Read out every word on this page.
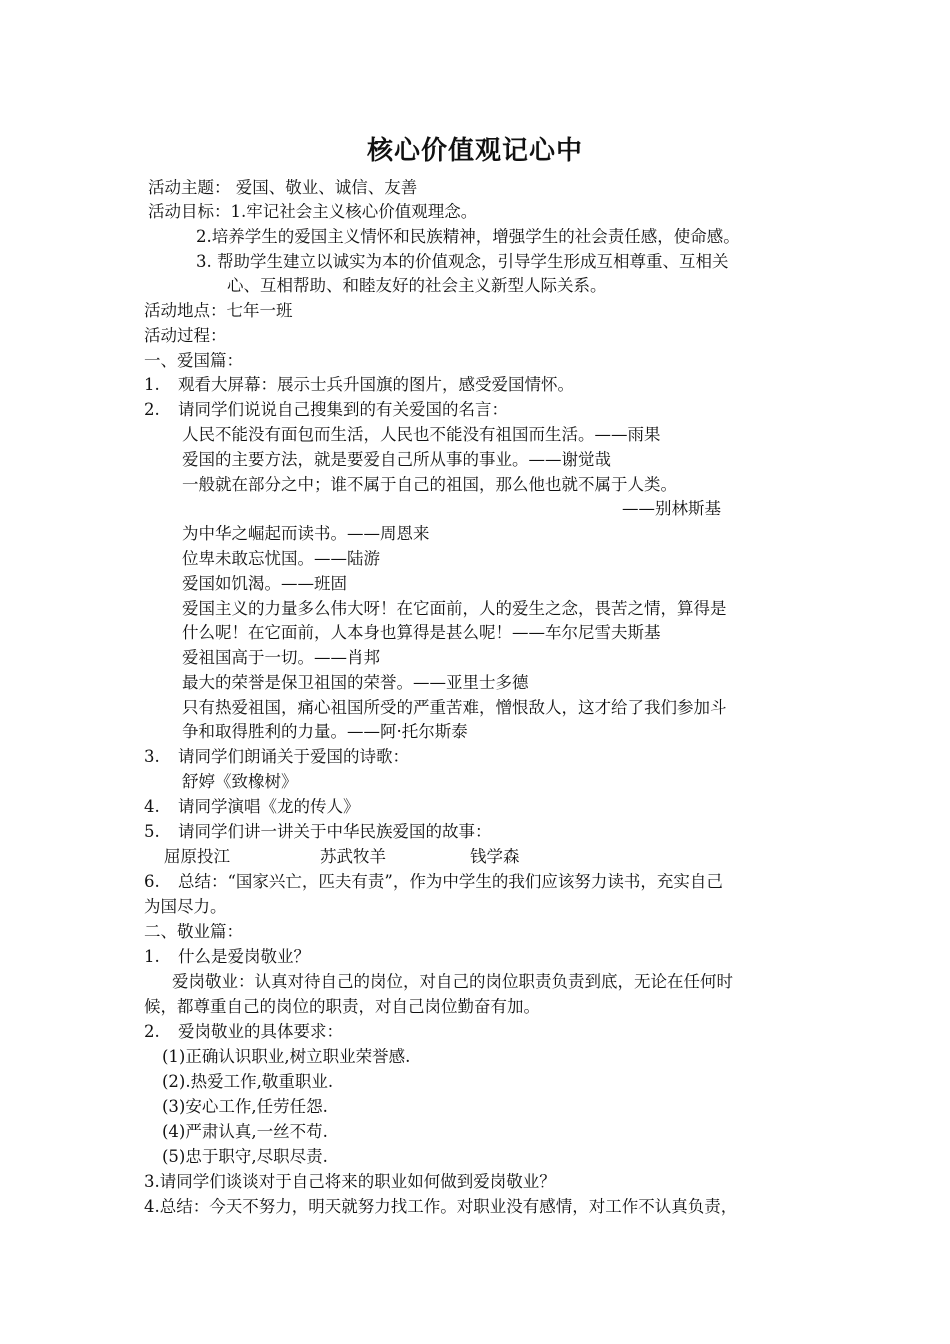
核心价值观记心中
活动主题： 爱国、敬业、诚信、友善
活动目标：1.牢记社会主义核心价值观理念。
2.培养学生的爱国主义情怀和民族精神，增强学生的社会责任感，使命感。
3. 帮助学生建立以诚实为本的价值观念，引导学生形成互相尊重、互相关
心、互相帮助、和睦友好的社会主义新型人际关系。
活动地点：七年一班
活动过程：
一、爱国篇：
1. 观看大屏幕：展示士兵升国旗的图片，感受爱国情怀。
2. 请同学们说说自己搜集到的有关爱国的名言：
人民不能没有面包而生活，人民也不能没有祖国而生活。——雨果
爱国的主要方法，就是要爱自己所从事的事业。——谢觉哉
一般就在部分之中；谁不属于自己的祖国，那么他也就不属于人类。
——别林斯基
为中华之崛起而读书。——周恩来
位卑未敢忘忧国。——陆游
爱国如饥渴。——班固
爱国主义的力量多么伟大呀！在它面前，人的爱生之念，畏苦之情，算得是
什么呢！在它面前，人本身也算得是甚么呢！——车尔尼雪夫斯基
爱祖国高于一切。——肖邦
最大的荣誉是保卫祖国的荣誉。——亚里士多德
只有热爱祖国，痛心祖国所受的严重苦难，憎恨敌人，这才给了我们参加斗
争和取得胜利的力量。——阿·托尔斯泰
3. 请同学们朗诵关于爱国的诗歌：
舒婷《致橡树》
4. 请同学演唱《龙的传人》
5. 请同学们讲一讲关于中华民族爱国的故事：
屈原投江	苏武牧羊	钱学森
6. 总结：“国家兴亡，匹夫有责”，作为中学生的我们应该努力读书，充实自己
为国尽力。
二、敬业篇：
1. 什么是爱岗敬业？
爱岗敬业：认真对待自己的岗位，对自己的岗位职责负责到底，无论在任何时
候，都尊重自己的岗位的职责，对自己岗位勤奋有加。
2. 爱岗敬业的具体要求：
(1)正确认识职业,树立职业荣誉感.
(2).热爱工作,敬重职业.
(3)安心工作,任劳任怨.
(4)严肃认真,一丝不苟.
(5)忠于职守,尽职尽责.
3.请同学们谈谈对于自己将来的职业如何做到爱岗敬业？
4.总结：今天不努力，明天就努力找工作。对职业没有感情，对工作不认真负责，
